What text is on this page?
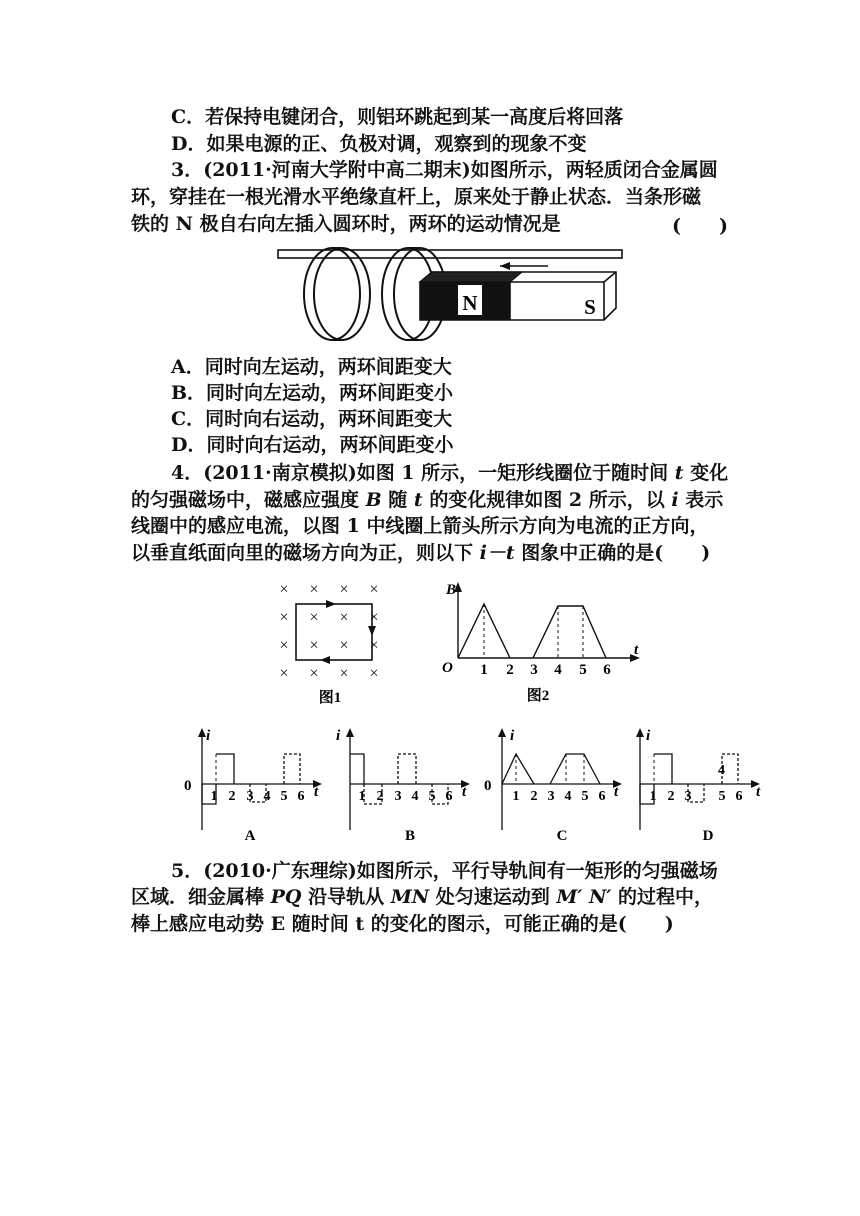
C．若保持电键闭合，则铝环跳起到某一高度后将回落
D．如果电源的正、负极对调，观察到的现象不变
3．(2011·河南大学附中高二期末)如图所示，两轻质闭合金属圆
环，穿挂在一根光滑水平绝缘直杆上，原来处于静止状态．当条形磁
铁的 N 极自右向左插入圆环时，两环的运动情况是	(　　)
N	S
A．同时向左运动，两环间距变大
B．同时向左运动，两环间距变小
C．同时向右运动，两环间距变大
D．同时向右运动，两环间距变小
4．(2011·南京模拟)如图 1 所示，一矩形线圈位于随时间 t 变化
的匀强磁场中，磁感应强度 B 随 t 的变化规律如图 2 所示，以 i 表示
线圈中的感应电流，以图 1 中线圈上箭头所示方向为电流的正方向，
以垂直纸面向里的磁场方向为正，则以下 i－t 图象中正确的是(　　)
× × × ×
× × × ×
× × × ×
× × × ×
图1
B
O
t
1 2 3 4 5 6
图2
i
0	t
1 2 3 4 5 6
A
i
t
1 2 3 4 5 6
B
i
0	t
1 2 3 4 5 6
C
i
t
4
1 2 3 5 6
D
5．(2010·广东理综)如图所示，平行导轨间有一矩形的匀强磁场
区域．细金属棒 PQ 沿导轨从 MN 处匀速运动到 M′ N′ 的过程中，
棒上感应电动势 E 随时间 t 的变化的图示，可能正确的是(　　)
